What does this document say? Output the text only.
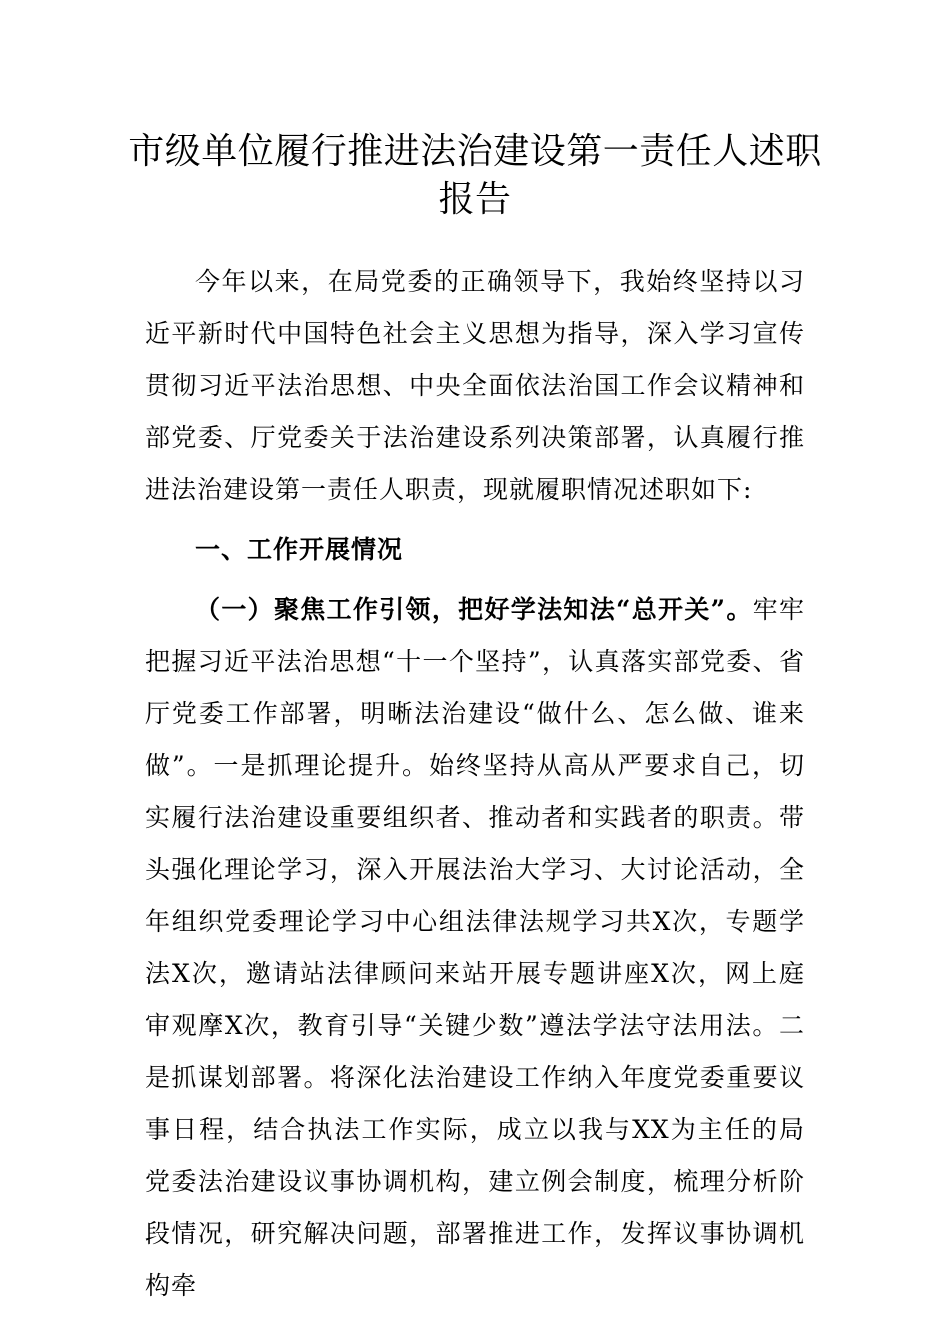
市级单位履行推进法治建设第一责任人述职报告

今年以来，在局党委的正确领导下，我始终坚持以习近平新时代中国特色社会主义思想为指导，深入学习宣传贯彻习近平法治思想、中央全面依法治国工作会议精神和部党委、厅党委关于法治建设系列决策部署，认真履行推进法治建设第一责任人职责，现就履职情况述职如下:

一、工作开展情况

（一）聚焦工作引领，把好学法知法“总开关”。牢牢把握习近平法治思想“十一个坚持”，认真落实部党委、省厅党委工作部署，明晰法治建设“做什么、怎么做、谁来做”。一是抓理论提升。始终坚持从高从严要求自己，切实履行法治建设重要组织者、推动者和实践者的职责。带头强化理论学习，深入开展法治大学习、大讨论活动，全年组织党委理论学习中心组法律法规学习共X次，专题学法X次，邀请站法律顾问来站开展专题讲座X次，网上庭审观摩X次，教育引导“关键少数”遵法学法守法用法。二是抓谋划部署。将深化法治建设工作纳入年度党委重要议事日程，结合执法工作实际，成立以我与XX为主任的局党委法治建设议事协调机构，建立例会制度，梳理分析阶段情况，研究解决问题，部署推进工作，发挥议事协调机构牵
